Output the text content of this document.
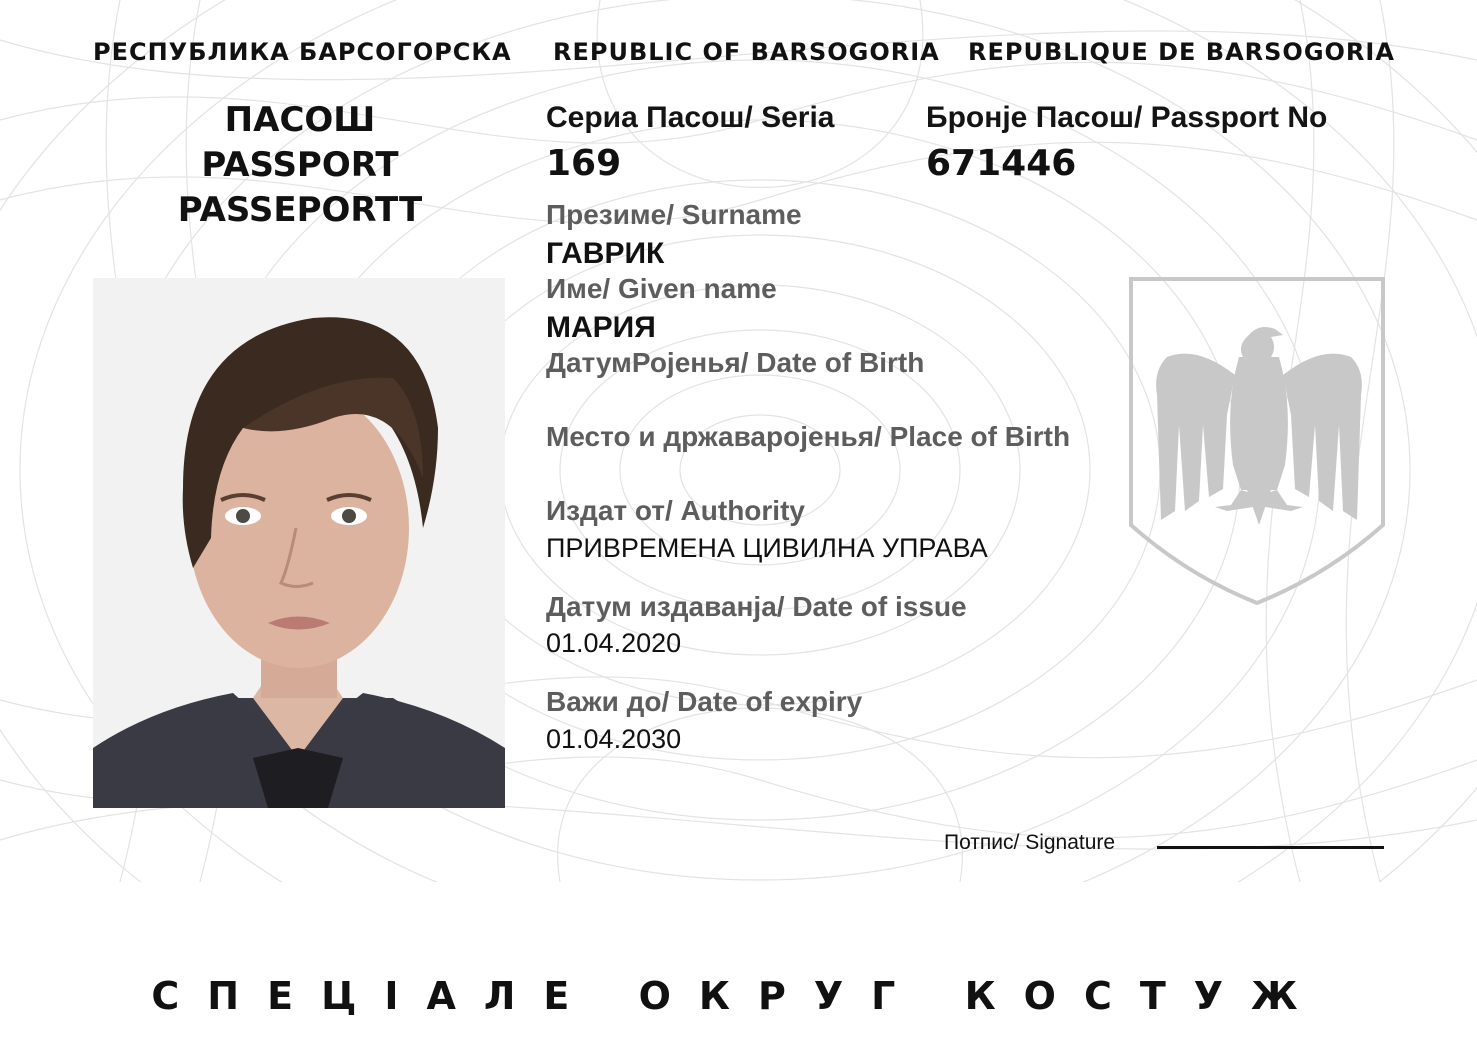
РЕСПУБЛИКА БАРСОГОРСКА REPUBLIC OF BARSOGORIA REPUBLIQUE DE BARSOGORIA

ПАСОШ

PASSPORT

PASSEPORTT

Сериа Пасош/ Seria

169

Бронје Пасош/ Passport No

671446

Презиме/ Surname

ГАВРИК

Име/ Given name

МАРИЯ

ДатумРојенья/ Date of Birth

Место и државаројенья/ Place of Birth

Издат от/ Authority

ПРИВРЕМЕНА ЦИВИЛНА УПРАВА

Датум издаванја/ Date of issue

01.04.2020

Важи до/ Date of expiry

01.04.2030

Потпис/ Signature

СПЕЦІАЛЕ ОКРУГ КОСТУЖ
